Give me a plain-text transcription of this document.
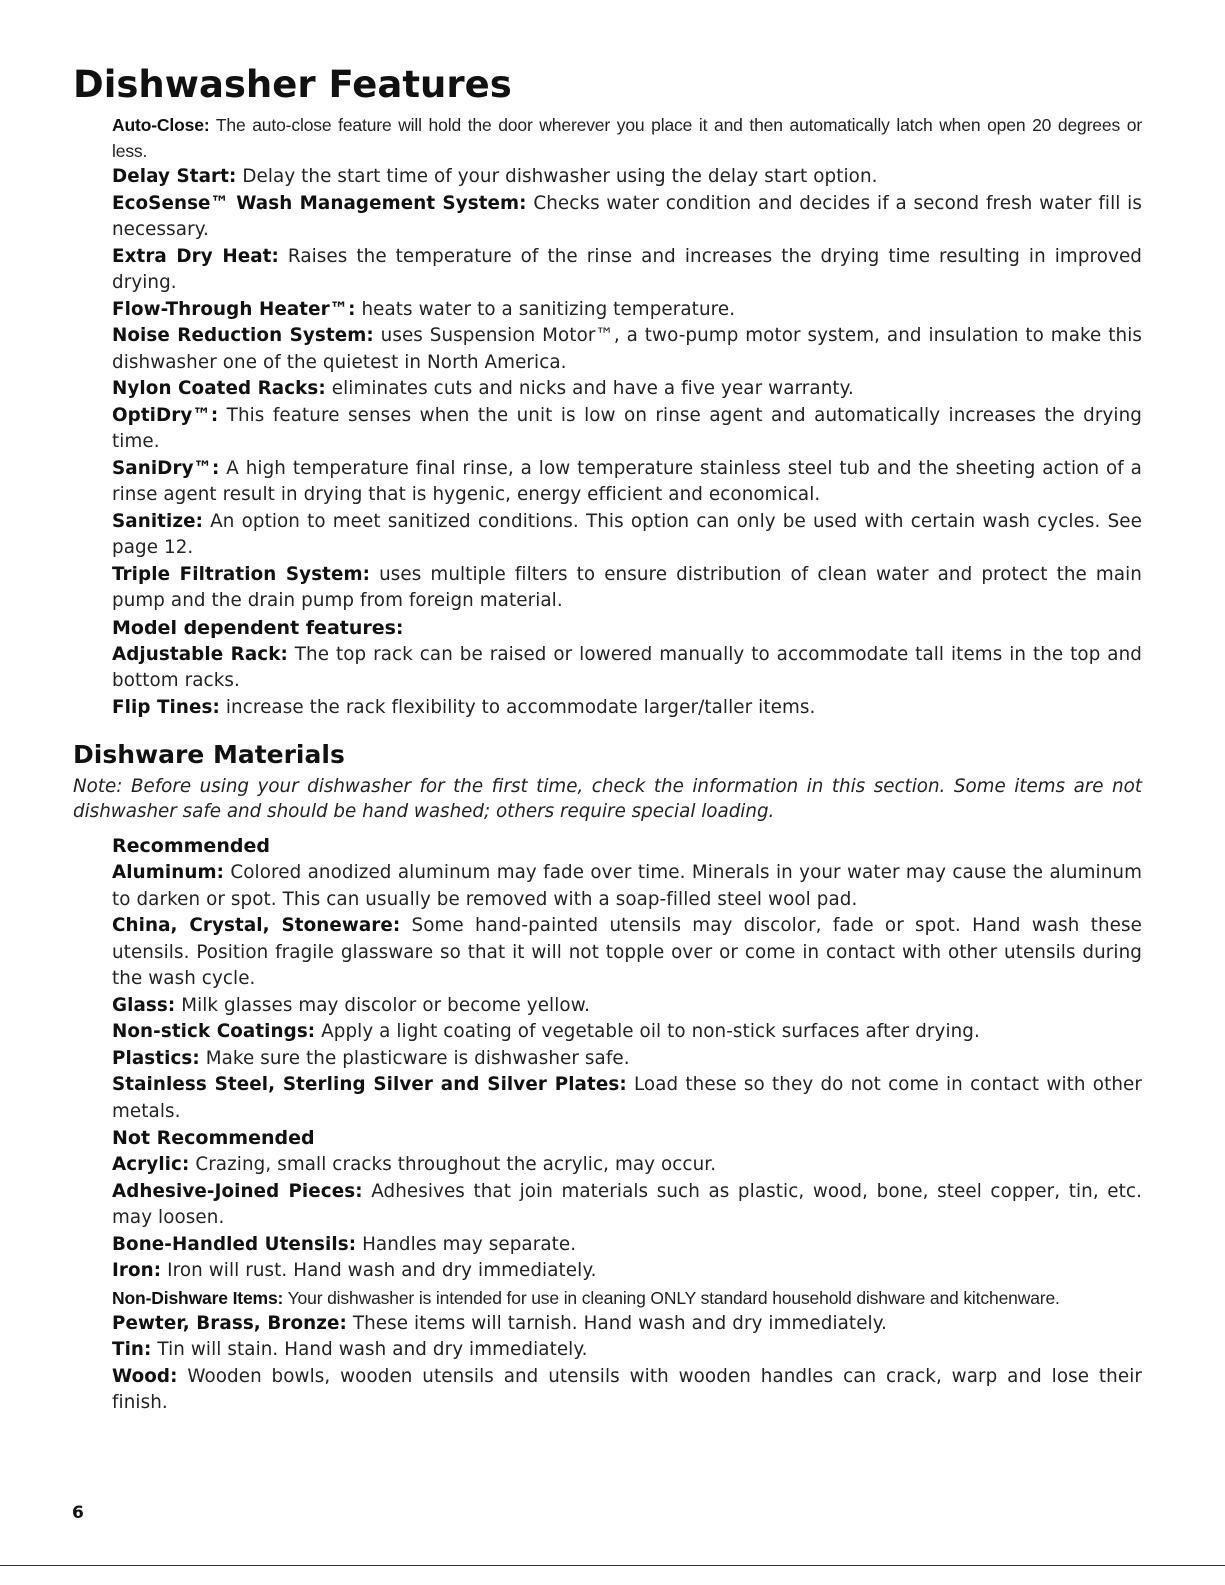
Dishwasher Features

Auto-Close: The auto-close feature will hold the door wherever you place it and then automatically latch when open 20 degrees or less.

Delay Start: Delay the start time of your dishwasher using the delay start option.

EcoSense™ Wash Management System: Checks water condition and decides if a second fresh water fill is necessary.

Extra Dry Heat: Raises the temperature of the rinse and increases the drying time resulting in improved drying.

Flow-Through Heater™: heats water to a sanitizing temperature.

Noise Reduction System: uses Suspension Motor™, a two-pump motor system, and insulation to make this dishwasher one of the quietest in North America.

Nylon Coated Racks: eliminates cuts and nicks and have a five year warranty.

OptiDry™: This feature senses when the unit is low on rinse agent and automatically increases the drying time.

SaniDry™: A high temperature final rinse, a low temperature stainless steel tub and the sheeting action of a rinse agent result in drying that is hygenic, energy efficient and economical.

Sanitize: An option to meet sanitized conditions. This option can only be used with certain wash cycles. See page 12.

Triple Filtration System: uses multiple filters to ensure distribution of clean water and protect the main pump and the drain pump from foreign material.

Model dependent features:

Adjustable Rack: The top rack can be raised or lowered manually to accommodate tall items in the top and bottom racks.

Flip Tines: increase the rack flexibility to accommodate larger/taller items.

Dishware Materials

Note: Before using your dishwasher for the first time, check the information in this section. Some items are not dishwasher safe and should be hand washed; others require special loading.

Recommended

Aluminum: Colored anodized aluminum may fade over time. Minerals in your water may cause the aluminum to darken or spot. This can usually be removed with a soap-filled steel wool pad.

China, Crystal, Stoneware: Some hand-painted utensils may discolor, fade or spot. Hand wash these utensils. Position fragile glassware so that it will not topple over or come in contact with other utensils during the wash cycle.

Glass: Milk glasses may discolor or become yellow.

Non-stick Coatings: Apply a light coating of vegetable oil to non-stick surfaces after drying.

Plastics: Make sure the plasticware is dishwasher safe.

Stainless Steel, Sterling Silver and Silver Plates: Load these so they do not come in contact with other metals.

Not Recommended

Acrylic: Crazing, small cracks throughout the acrylic, may occur.

Adhesive-Joined Pieces: Adhesives that join materials such as plastic, wood, bone, steel copper, tin, etc. may loosen.

Bone-Handled Utensils: Handles may separate.

Iron: Iron will rust. Hand wash and dry immediately.

Non-Dishware Items: Your dishwasher is intended for use in cleaning ONLY standard household dishware and kitchenware.

Pewter, Brass, Bronze: These items will tarnish. Hand wash and dry immediately.

Tin: Tin will stain. Hand wash and dry immediately.

Wood: Wooden bowls, wooden utensils and utensils with wooden handles can crack, warp and lose their finish.

6
